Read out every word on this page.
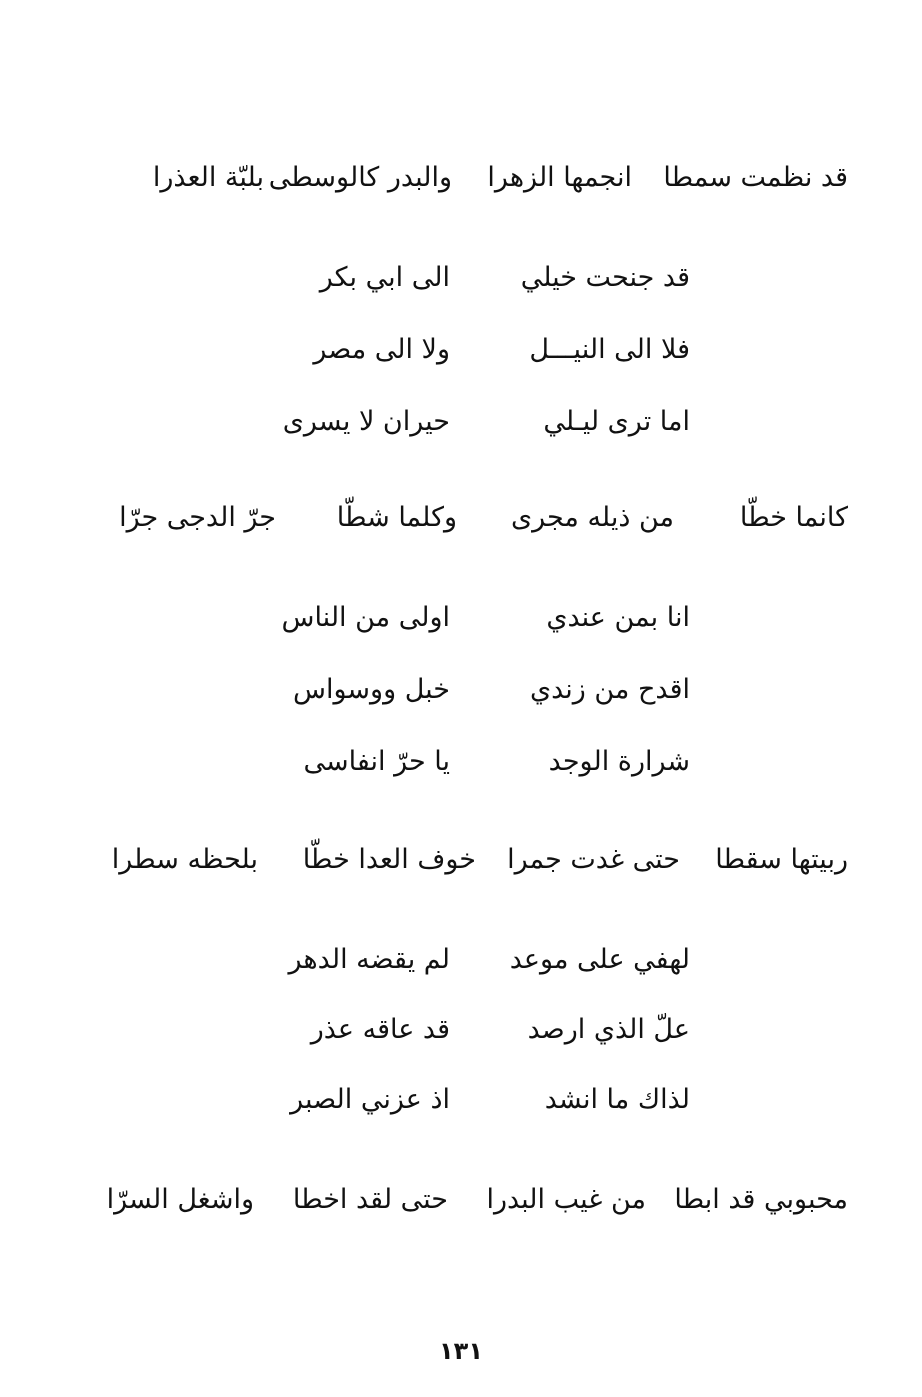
قد نظمت سمطا
انجمها الزهرا
والبدر كالوسطى
بلبّة العذرا
قد جنحت خيلي
الى ابي بكر
فلا الى النيـــل
ولا الى مصر
اما ترى ليـلي
حيران لا يسرى
كانما خطّا
من ذيله مجرى
وكلما شطّا
جرّ الدجى جرّا
انا بمن عندي
اولى من الناس
اقدح من زندي
خبل ووسواس
شرارة الوجد
يا حرّ انفاسى
ربيتها سقطا
حتى غدت جمرا
خوف العدا خطّا
بلحظه سطرا
لهفي على موعد
لم يقضه الدهر
علّ الذي ارصد
قد عاقه عذر
لذاك ما انشد
اذ عزني الصبر
محبوبي قد ابطا
من غيب البدرا
حتى لقد اخطا
واشغل السرّا
١٣١
